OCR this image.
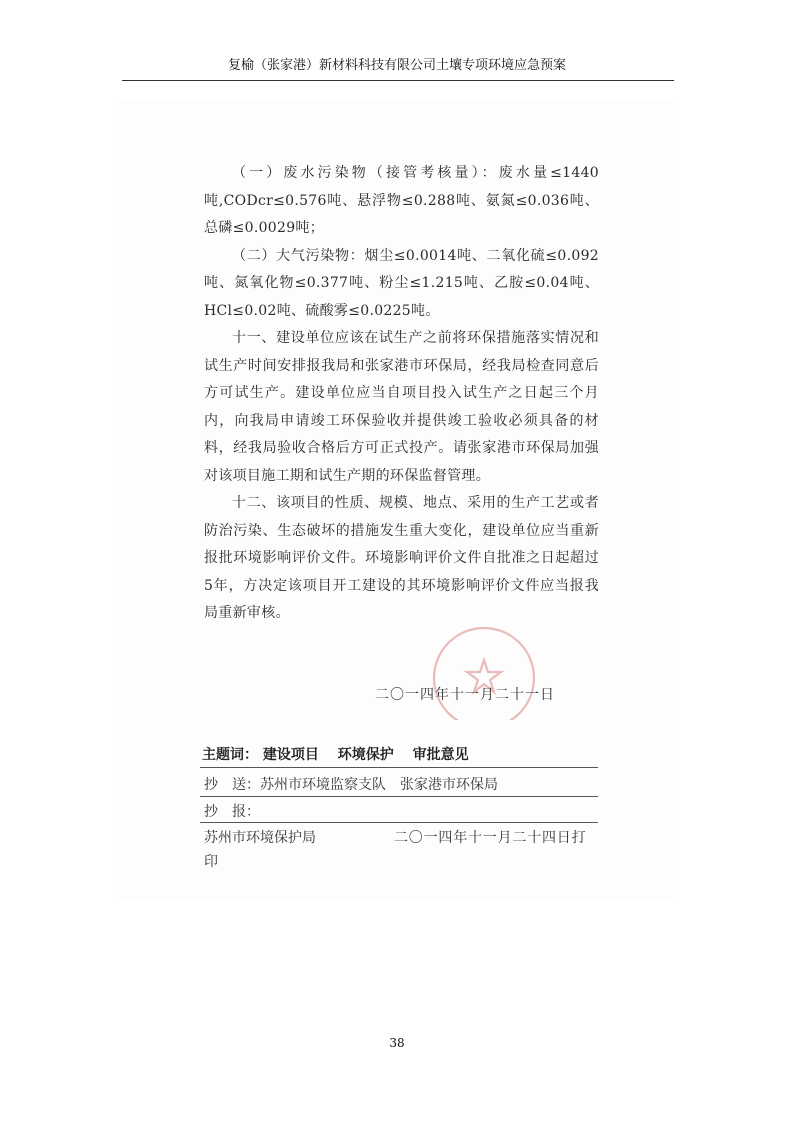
复榆（张家港）新材料科技有限公司土壤专项环境应急预案

（一）废水污染物（接管考核量）：废水量≤1440吨,CODcr≤0.576吨、悬浮物≤0.288吨、氨氮≤0.036吨、总磷≤0.0029吨；

（二）大气污染物：烟尘≤0.0014吨、二氧化硫≤0.092吨、氮氧化物≤0.377吨、粉尘≤1.215吨、乙胺≤0.04吨、HCl≤0.02吨、硫酸雾≤0.0225吨。

十一、建设单位应该在试生产之前将环保措施落实情况和试生产时间安排报我局和张家港市环保局，经我局检查同意后方可试生产。建设单位应当自项目投入试生产之日起三个月内，向我局申请竣工环保验收并提供竣工验收必须具备的材料，经我局验收合格后方可正式投产。请张家港市环保局加强对该项目施工期和试生产期的环保监督管理。

十二、该项目的性质、规模、地点、采用的生产工艺或者防治污染、生态破坏的措施发生重大变化，建设单位应当重新报批环境影响评价文件。环境影响评价文件自批准之日起超过5年，方决定该项目开工建设的其环境影响评价文件应当报我局重新审核。

二〇一四年十一月二十一日
主题词： 建设项目 环境保护 审批意见
抄　送：苏州市环境监察支队　张家港市环保局
抄　报：
苏州市环境保护局	二〇一四年十一月二十四日打
印
38
